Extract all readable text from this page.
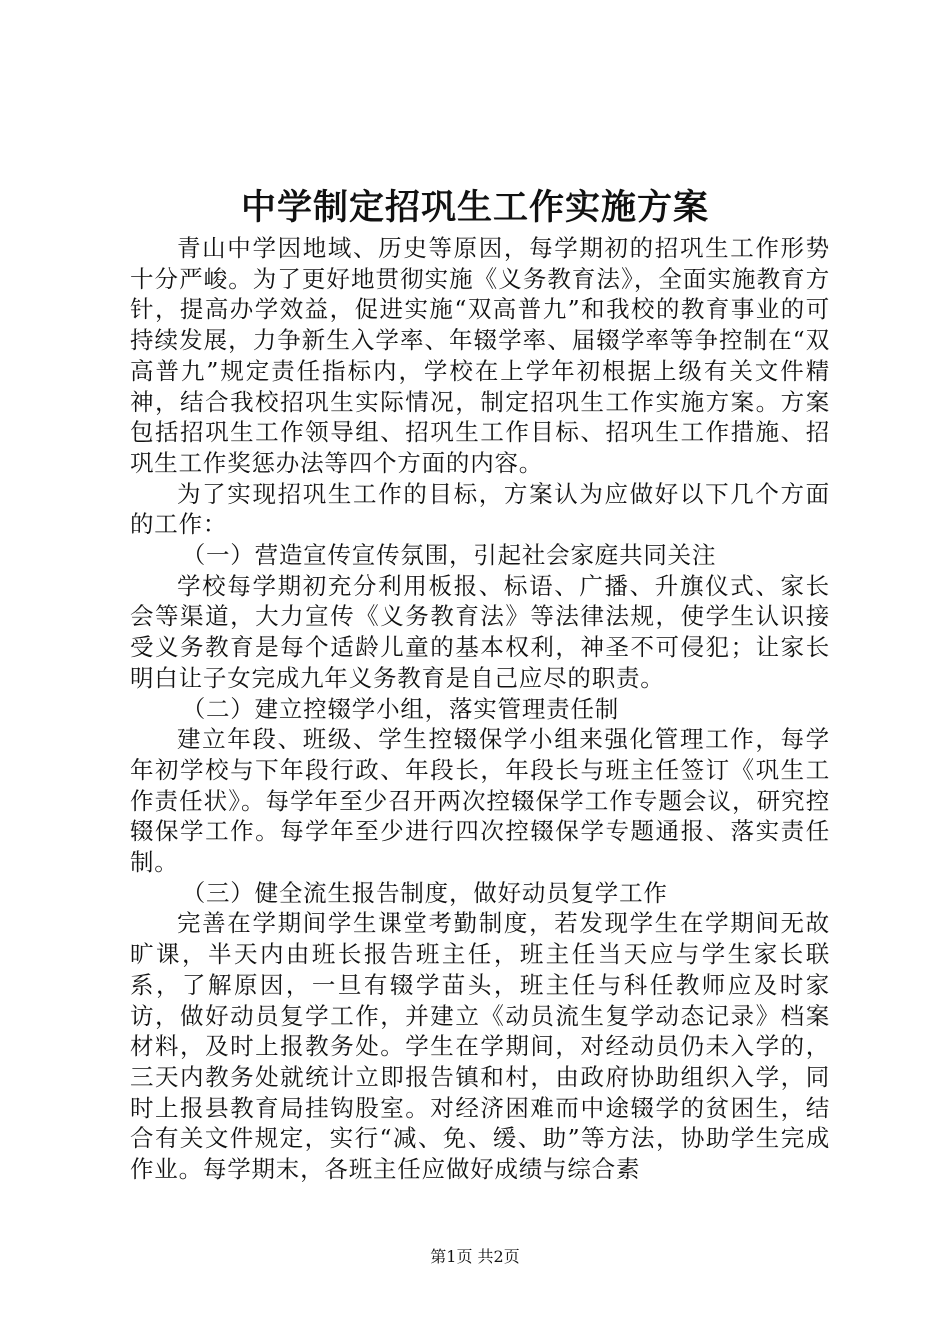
中学制定招巩生工作实施方案

青山中学因地域、历史等原因，每学期初的招巩生工作形势十分严峻。为了更好地贯彻实施《义务教育法》，全面实施教育方针，提高办学效益，促进实施“双高普九”和我校的教育事业的可持续发展，力争新生入学率、年辍学率、届辍学率等争控制在“双高普九”规定责任指标内，学校在上学年初根据上级有关文件精神，结合我校招巩生实际情况，制定招巩生工作实施方案。方案包括招巩生工作领导组、招巩生工作目标、招巩生工作措施、招巩生工作奖惩办法等四个方面的内容。

为了实现招巩生工作的目标，方案认为应做好以下几个方面的工作：

（一）营造宣传宣传氛围，引起社会家庭共同关注

学校每学期初充分利用板报、标语、广播、升旗仪式、家长会等渠道，大力宣传《义务教育法》等法律法规，使学生认识接受义务教育是每个适龄儿童的基本权利，神圣不可侵犯；让家长明白让子女完成九年义务教育是自己应尽的职责。

（二）建立控辍学小组，落实管理责任制

建立年段、班级、学生控辍保学小组来强化管理工作，每学年初学校与下年段行政、年段长，年段长与班主任签订《巩生工作责任状》。每学年至少召开两次控辍保学工作专题会议，研究控辍保学工作。每学年至少进行四次控辍保学专题通报、落实责任制。

（三）健全流生报告制度，做好动员复学工作

完善在学期间学生课堂考勤制度，若发现学生在学期间无故旷课，半天内由班长报告班主任，班主任当天应与学生家长联系，了解原因，一旦有辍学苗头，班主任与科任教师应及时家访，做好动员复学工作，并建立《动员流生复学动态记录》档案材料，及时上报教务处。学生在学期间，对经动员仍未入学的，三天内教务处就统计立即报告镇和村，由政府协助组织入学，同时上报县教育局挂钩股室。对经济困难而中途辍学的贫困生，结合有关文件规定，实行“减、免、缓、助”等方法，协助学生完成作业。每学期末，各班主任应做好成绩与综合素

第1页 共2页
